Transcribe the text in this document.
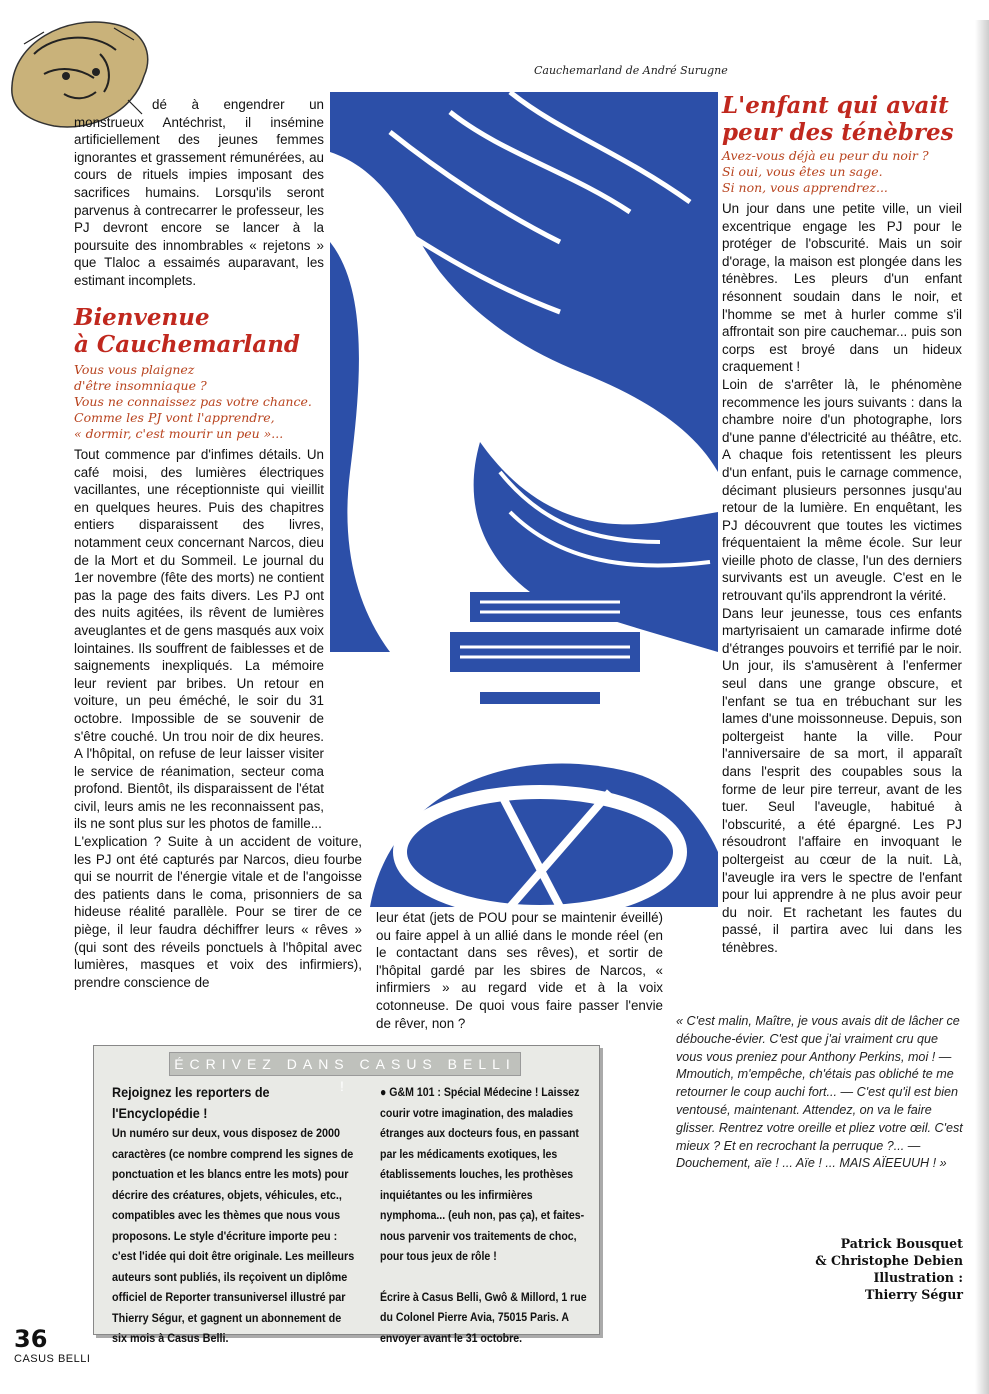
Cauchemarland de André Surugne

dé à engendrer un monstrueux Antéchrist, il insémine artificiellement des jeunes femmes ignorantes et grassement rémunérées, au cours de rituels impies imposant des sacrifices humains. Lorsqu'ils seront parvenus à contrecarrer le professeur, les PJ devront encore se lancer à la poursuite des innombrables « rejetons » que Tlaloc a essaimés auparavant, les estimant incomplets.

Bienvenue
à Cauchemarland
Vous vous plaignez
d'être insomniaque ?
Vous ne connaissez pas votre chance.
Comme les PJ vont l'apprendre,
« dormir, c'est mourir un peu »...

Tout commence par d'infimes détails. Un café moisi, des lumières électriques vacillantes, une réceptionniste qui vieillit en quelques heures. Puis des chapitres entiers disparaissent des livres, notamment ceux concernant Narcos, dieu de la Mort et du Sommeil. Le journal du 1er novembre (fête des morts) ne contient pas la page des faits divers. Les PJ ont des nuits agitées, ils rêvent de lumières aveuglantes et de gens masqués aux voix lointaines. Ils souffrent de faiblesses et de saignements inexpliqués. La mémoire leur revient par bribes. Un retour en voiture, un peu éméché, le soir du 31 octobre. Impossible de se souvenir de s'être couché. Un trou noir de dix heures. A l'hôpital, on refuse de leur laisser visiter le service de réanimation, secteur coma profond. Bientôt, ils disparaissent de l'état civil, leurs amis ne les reconnaissent pas, ils ne sont plus sur les photos de famille...

L'explication ? Suite à un accident de voiture, les PJ ont été capturés par Narcos, dieu fourbe qui se nourrit de l'énergie vitale et de l'angoisse des patients dans le coma, prisonniers de sa hideuse réalité parallèle. Pour se tirer de ce piège, il leur faudra déchiffrer leurs « rêves » (qui sont des réveils ponctuels à l'hôpital avec lumières, masques et voix des infirmiers), prendre conscience de

leur état (jets de POU pour se maintenir éveillé) ou faire appel à un allié dans le monde réel (en le contactant dans ses rêves), et sortir de l'hôpital gardé par les sbires de Narcos, « infirmiers » au regard vide et à la voix cotonneuse. De quoi vous faire passer l'envie de rêver, non ?

L'enfant qui avait
peur des ténèbres
Avez-vous déjà eu peur du noir ?
Si oui, vous êtes un sage.
Si non, vous apprendrez...

Un jour dans une petite ville, un vieil excentrique engage les PJ pour le protéger de l'obscurité. Mais un soir d'orage, la maison est plongée dans les ténèbres. Les pleurs d'un enfant résonnent soudain dans le noir, et l'homme se met à hurler comme s'il affrontait son pire cauchemar... puis son corps est broyé dans un hideux craquement !

Loin de s'arrêter là, le phénomène recommence les jours suivants : dans la chambre noire d'un photographe, lors d'une panne d'électricité au théâtre, etc. A chaque fois retentissent les pleurs d'un enfant, puis le carnage commence, décimant plusieurs personnes jusqu'au retour de la lumière. En enquêtant, les PJ découvrent que toutes les victimes fréquentaient la même école. Sur leur vieille photo de classe, l'un des derniers survivants est un aveugle. C'est en le retrouvant qu'ils apprendront la vérité.

Dans leur jeunesse, tous ces enfants martyrisaient un camarade infirme doté d'étranges pouvoirs et terrifié par le noir. Un jour, ils s'amusèrent à l'enfermer seul dans une grange obscure, et l'enfant se tua en trébuchant sur les lames d'une moissonneuse. Depuis, son poltergeist hante la ville. Pour l'anniversaire de sa mort, il apparaît dans l'esprit des coupables sous la forme de leur pire terreur, avant de les tuer. Seul l'aveugle, habitué à l'obscurité, a été épargné. Les PJ résoudront l'affaire en invoquant le poltergeist au cœur de la nuit. Là, l'aveugle ira vers le spectre de l'enfant pour lui apprendre à ne plus avoir peur du noir. Et rachetant les fautes du passé, il partira avec lui dans les ténèbres.

ÉCRIVEZ DANS CASUS BELLI !
Rejoignez les reporters de l'Encyclopédie !
Un numéro sur deux, vous disposez de 2000 caractères (ce nombre comprend les signes de ponctuation et les blancs entre les mots) pour décrire des créatures, objets, véhicules, etc., compatibles avec les thèmes que nous vous proposons. Le style d'écriture importe peu : c'est l'idée qui doit être originale. Les meilleurs auteurs sont publiés, ils reçoivent un diplôme officiel de Reporter transuniversel illustré par Thierry Ségur, et gagnent un abonnement de six mois à Casus Belli.
● G&M 101 : Spécial Médecine ! Laissez courir votre imagination, des maladies étranges aux docteurs fous, en passant par les médicaments exotiques, les établissements louches, les prothèses inquiétantes ou les infirmières nymphoma... (euh non, pas ça), et faites-nous parvenir vos traitements de choc, pour tous jeux de rôle !
Écrire à Casus Belli, Gwô & Millord, 1 rue du Colonel Pierre Avia, 75015 Paris. A envoyer avant le 31 octobre.
« C'est malin, Maître, je vous avais dit de lâcher ce débouche-évier. C'est que j'ai vraiment cru que vous vous preniez pour Anthony Perkins, moi ! — Mmoutich, m'empêche, ch'étais pas obliché te me retourner le coup auchi fort... — C'est qu'il est bien ventousé, maintenant. Attendez, on va le faire glisser. Rentrez votre oreille et pliez votre œil. C'est mieux ? Et en recrochant la perruque ?... — Douchement, aïe ! ... Aïe ! ... MAIS AÏEEUUH ! »
Patrick Bousquet
& Christophe Debien
Illustration :
Thierry Ségur
36
CASUS BELLI
